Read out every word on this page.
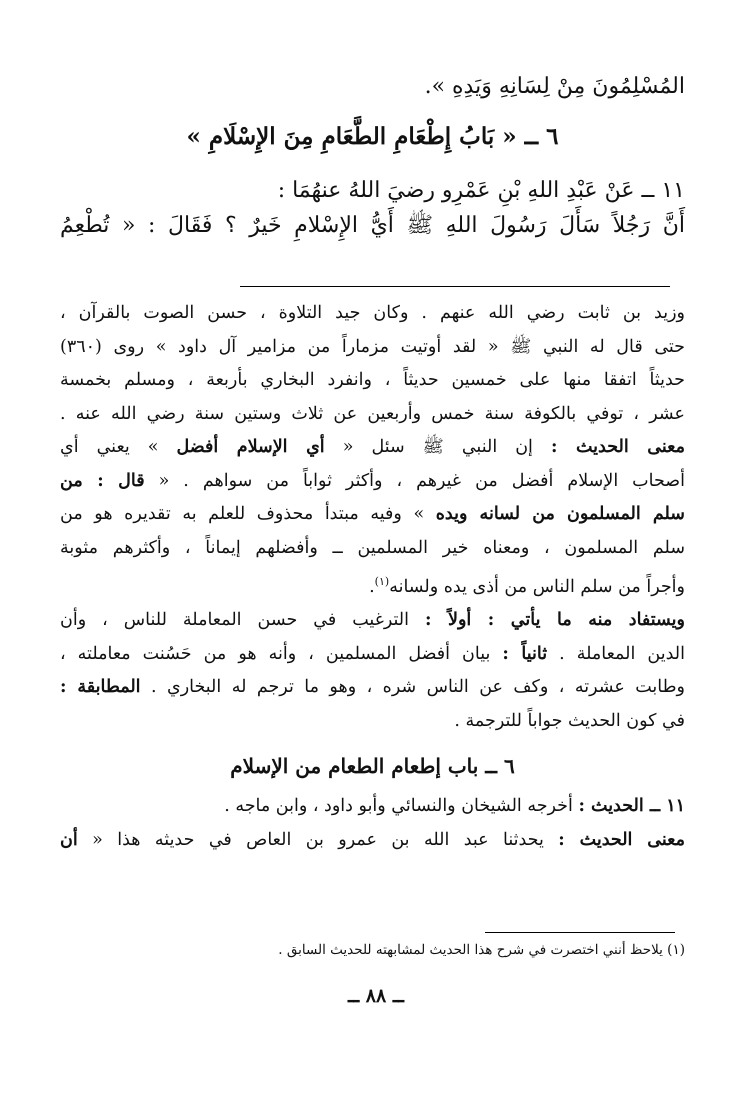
المُسْلِمُونَ مِنْ لِسَانِهِ وَيَدِهِ ».
٦ ــ « بَابُ إِطْعَامِ الطَّعَامِ مِنَ الإِسْلَامِ »
١١ ــ عَنْ عَبْدِ اللهِ بْنِ عَمْرِو رضيَ اللهُ عنهُمَا :
أَنَّ رَجُلاً سَأَلَ رَسُولَ اللهِ ﷺ أَيُّ الإِسْلامِ خَيرٌ ؟ فَقَالَ : « تُطْعِمُ
وزيد بن ثابت رضي الله عنهم . وكان جيد التلاوة ، حسن الصوت بالقرآن ،
حتى قال له النبي ﷺ « لقد أوتيت مزماراً من مزامير آل داود » روى (٣٦٠)
حديثاً اتفقا منها على خمسين حديثاً ، وانفرد البخاري بأربعة ، ومسلم بخمسة
عشر ، توفي بالكوفة سنة خمس وأربعين عن ثلاث وستين سنة رضي الله عنه .
معنى الحديث : إن النبي ﷺ سئل « أي الإسلام أفضل » يعني أي
أصحاب الإسلام أفضل من غيرهم ، وأكثر ثواباً من سواهم . « قال : من
سلم المسلمون من لسانه ويده » وفيه مبتدأ محذوف للعلم به تقديره هو من
سلم المسلمون ، ومعناه خير المسلمين ــ وأفضلهم إيماناً ، وأكثرهم مثوبة
وأجراً من سلم الناس من أذى يده ولسانه$^{(١)}$.
ويستفاد منه ما يأتي : أولاً : الترغيب في حسن المعاملة للناس ، وأن
الدين المعاملة . ثانياً : بيان أفضل المسلمين ، وأنه هو من حَسُنت معاملته ،
وطابت عشرته ، وكف عن الناس شره ، وهو ما ترجم له البخاري . المطابقة :
في كون الحديث جواباً للترجمة .
٦ ــ باب إطعام الطعام من الإسلام
١١ ــ الحديث : أخرجه الشيخان والنسائي وأبو داود ، وابن ماجه .
معنى الحديث : يحدثنا عبد الله بن عمرو بن العاص في حديثه هذا « أن
(١) يلاحظ أنني اختصرت في شرح هذا الحديث لمشابهته للحديث السابق .
ــ ٨٨ ــ
